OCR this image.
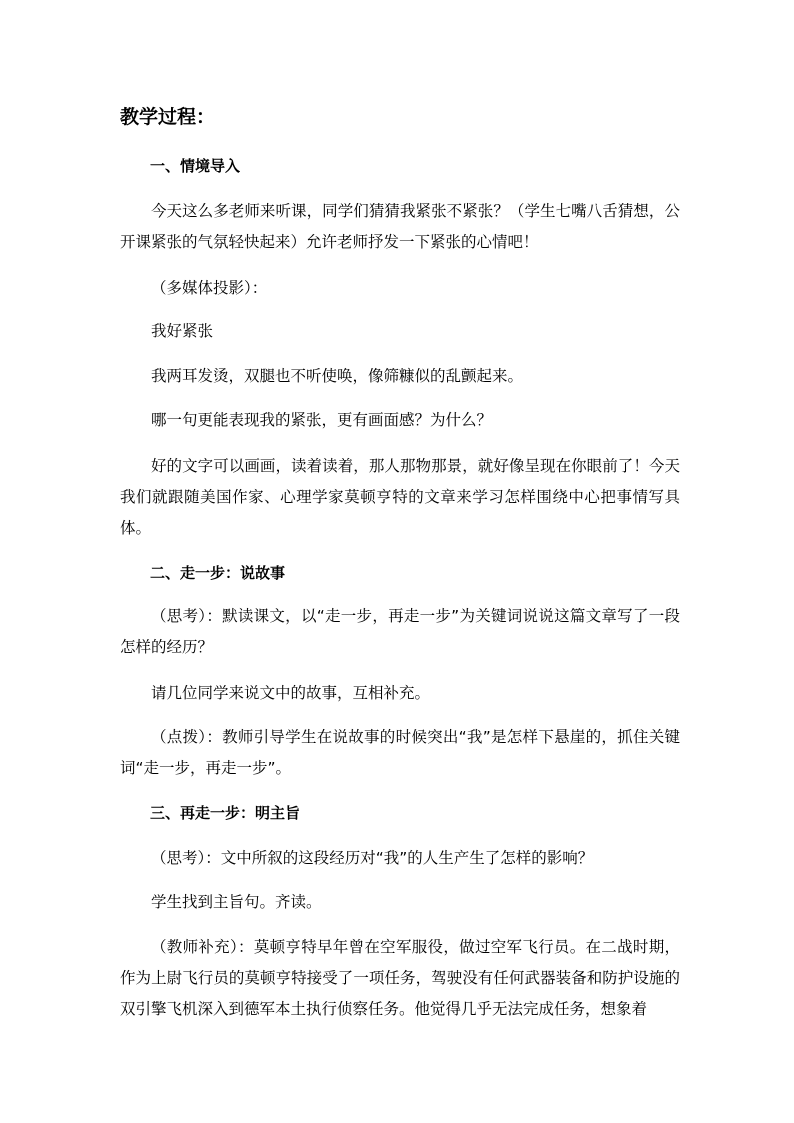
教学过程：
一、情境导入
今天这么多老师来听课，同学们猜猜我紧张不紧张？（学生七嘴八舌猜想，公开课紧张的气氛轻快起来）允许老师抒发一下紧张的心情吧！
（多媒体投影）：
我好紧张
我两耳发烫，双腿也不听使唤，像筛糠似的乱颤起来。
哪一句更能表现我的紧张，更有画面感？为什么？
好的文字可以画画，读着读着，那人那物那景，就好像呈现在你眼前了！今天我们就跟随美国作家、心理学家莫顿亨特的文章来学习怎样围绕中心把事情写具体。
二、走一步：说故事
（思考）：默读课文，以“走一步，再走一步”为关键词说说这篇文章写了一段怎样的经历？
请几位同学来说文中的故事，互相补充。
（点拨）：教师引导学生在说故事的时候突出“我”是怎样下悬崖的，抓住关键词“走一步，再走一步”。
三、再走一步：明主旨
（思考）：文中所叙的这段经历对“我”的人生产生了怎样的影响？
学生找到主旨句。齐读。
（教师补充）：莫顿亨特早年曾在空军服役，做过空军飞行员。在二战时期，作为上尉飞行员的莫顿亨特接受了一项任务，驾驶没有任何武器装备和防护设施的双引擎飞机深入到德军本土执行侦察任务。他觉得几乎无法完成任务，想象着
